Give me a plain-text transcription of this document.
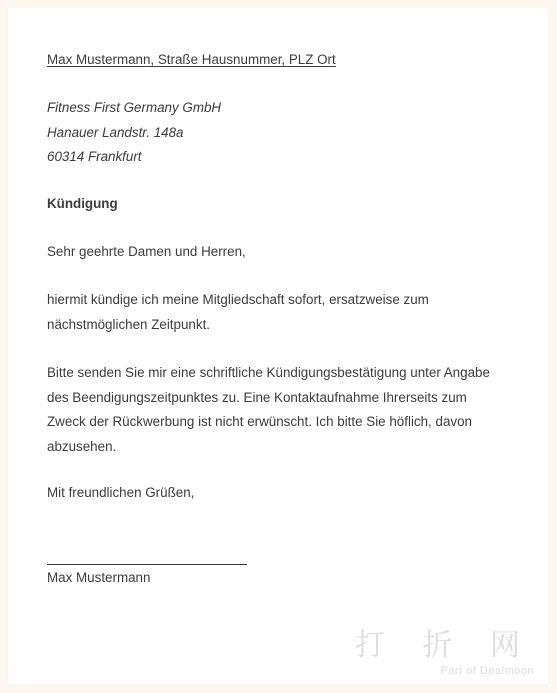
Max Mustermann, Straße Hausnummer, PLZ Ort
Fitness First Germany GmbH
Hanauer Landstr. 148a
60314 Frankfurt
Kündigung
Sehr geehrte Damen und Herren,
hiermit kündige ich meine Mitgliedschaft sofort, ersatzweise zum nächstmöglichen Zeitpunkt.
Bitte senden Sie mir eine schriftliche Kündigungsbestätigung unter Angabe des Beendigungszeitpunktes zu. Eine Kontaktaufnahme Ihrerseits zum Zweck der Rückwerbung ist nicht erwünscht. Ich bitte Sie höflich, davon abzusehen.
Mit freundlichen Grüßen,
Max Mustermann
打 折 网
Part of Dealmoon
